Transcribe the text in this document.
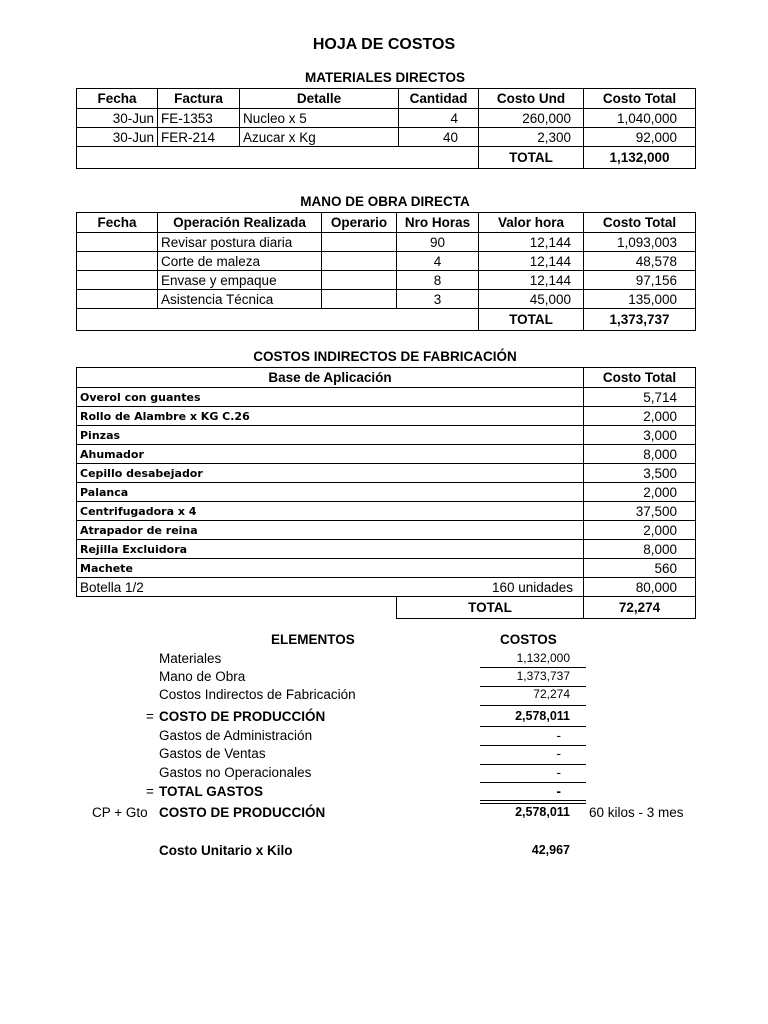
HOJA DE COSTOS
MATERIALES DIRECTOS
Fecha	Factura	Detalle	Cantidad	Costo Und	Costo Total
30-Jun	FE-1353	Nucleo x 5	4	260,000	1,040,000
30-Jun	FER-214	Azucar x Kg	40	2,300	92,000
				TOTAL	1,132,000
MANO DE OBRA DIRECTA
Fecha	Operación Realizada	Operario	Nro Horas	Valor hora	Costo Total
	Revisar postura diaria		90	12,144	1,093,003
	Corte de maleza		4	12,144	48,578
	Envase y empaque		8	12,144	97,156
	Asistencia Técnica		3	45,000	135,000
				TOTAL	1,373,737
COSTOS INDIRECTOS DE FABRICACIÓN
Base de Aplicación		Costo Total
Overol con guantes		5,714
Rollo de Alambre x KG C.26		2,000
Pinzas		3,000
Ahumador		8,000
Cepillo desabejador		3,500
Palanca		2,000
Centrifugadora x 4		37,500
Atrapador de reina		2,000
Rejilla Excluidora		8,000
Machete		560
Botella 1/2	160 unidades	80,000
	TOTAL	72,274
ELEMENTOS	COSTOS
Materiales	1,132,000
Mano de Obra	1,373,737
Costos Indirectos de Fabricación	72,274
= COSTO DE PRODUCCIÓN	2,578,011
Gastos de Administración	-
Gastos de Ventas	-
Gastos no Operacionales	-
= TOTAL GASTOS	-
CP + Gto COSTO DE PRODUCCIÓN	2,578,011 60 kilos - 3 mes
Costo Unitario x Kilo	42,967
